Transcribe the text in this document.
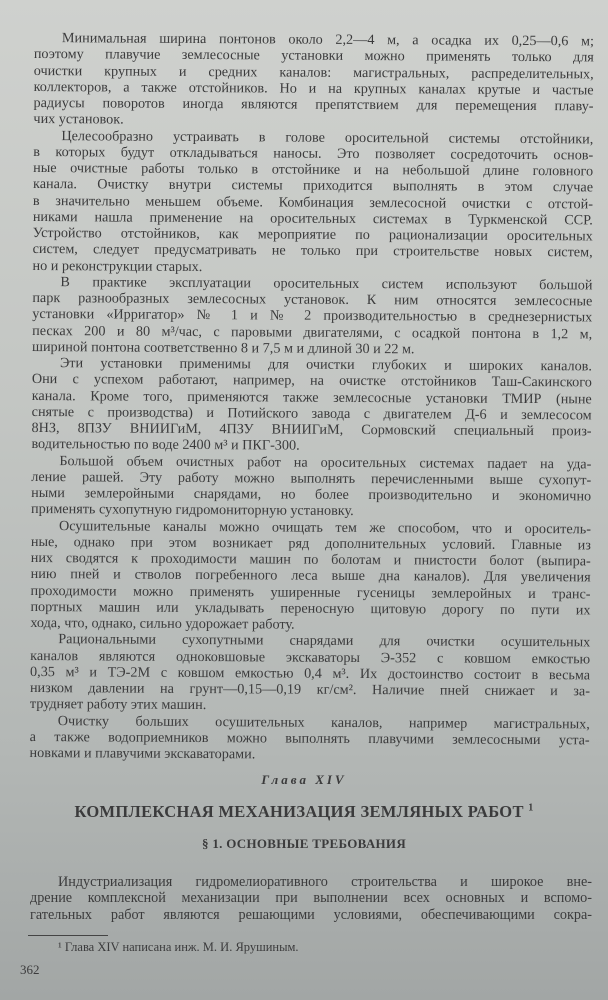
Минимальная ширина понтонов около 2,2—4 м, а осадка их 0,25—0,6 м;
поэтому плавучие землесосные установки можно применять только для
очистки крупных и средних каналов: магистральных, распределительных,
коллекторов, а также отстойников. Но и на крупных каналах крутые и частые
радиусы поворотов иногда являются препятствием для перемещения плаву-
чих установок.
Целесообразно устраивать в голове оросительной системы отстойники,
в которых будут откладываться наносы. Это позволяет сосредоточить основ-
ные очистные работы только в отстойнике и на небольшой длине головного
канала. Очистку внутри системы приходится выполнять в этом случае
в значительно меньшем объеме. Комбинация землесосной очистки с отстой-
никами нашла применение на оросительных системах в Туркменской ССР.
Устройство отстойников, как мероприятие по рационализации оросительных
систем, следует предусматривать не только при строительстве новых систем,
но и реконструкции старых.
В практике эксплуатации оросительных систем используют большой
парк разнообразных землесосных установок. К ним относятся землесосные
установки «Ирригатор» № 1 и № 2 производительностью в среднезернистых
песках 200 и 80 м³/час, с паровыми двигателями, с осадкой понтона в 1,2 м,
шириной понтона соответственно 8 и 7,5 м и длиной 30 и 22 м.
Эти установки применимы для очистки глубоких и широких каналов.
Они с успехом работают, например, на очистке отстойников Таш-Сакинского
канала. Кроме того, применяются также землесосные установки ТМИР (ныне
снятые с производства) и Потийского завода с двигателем Д-6 и землесосом
8НЗ, 8ПЗУ ВНИИГиМ, 4ПЗУ ВНИИГиМ, Сормовский специальный произ-
водительностью по воде 2400 м³ и ПКГ-300.
Большой объем очистных работ на оросительных системах падает на уда-
ление рашей. Эту работу можно выполнять перечисленными выше сухопут-
ными землеройными снарядами, но более производительно и экономично
применять сухопутную гидромониторную установку.
Осушительные каналы можно очищать тем же способом, что и ороситель-
ные, однако при этом возникает ряд дополнительных условий. Главные из
них сводятся к проходимости машин по болотам и пнистости болот (выпира-
нию пней и стволов погребенного леса выше дна каналов). Для увеличения
проходимости можно применять уширенные гусеницы землеройных и транс-
портных машин или укладывать переносную щитовую дорогу по пути их
хода, что, однако, сильно удорожает работу.
Рациональными сухопутными снарядами для очистки осушительных
каналов являются одноковшовые экскаваторы Э-352 с ковшом емкостью
0,35 м³ и ТЭ-2М с ковшом емкостью 0,4 м³. Их достоинство состоит в весьма
низком давлении на грунт—0,15—0,19 кг/см². Наличие пней снижает и за-
трудняет работу этих машин.
Очистку больших осушительных каналов, например магистральных,
а также водоприемников можно выполнять плавучими землесосными уста-
новками и плавучими экскаваторами.
Глава XIV
КОМПЛЕКСНАЯ МЕХАНИЗАЦИЯ ЗЕМЛЯНЫХ РАБОТ $^1$
§ 1. ОСНОВНЫЕ ТРЕБОВАНИЯ
Индустриализация гидромелиоративного строительства и широкое вне-
дрение комплексной механизации при выполнении всех основных и вспомо-
гательных работ являются решающими условиями, обеспечивающими сокра-
¹ Глава XIV написана инж. М. И. Ярушиным.
362
